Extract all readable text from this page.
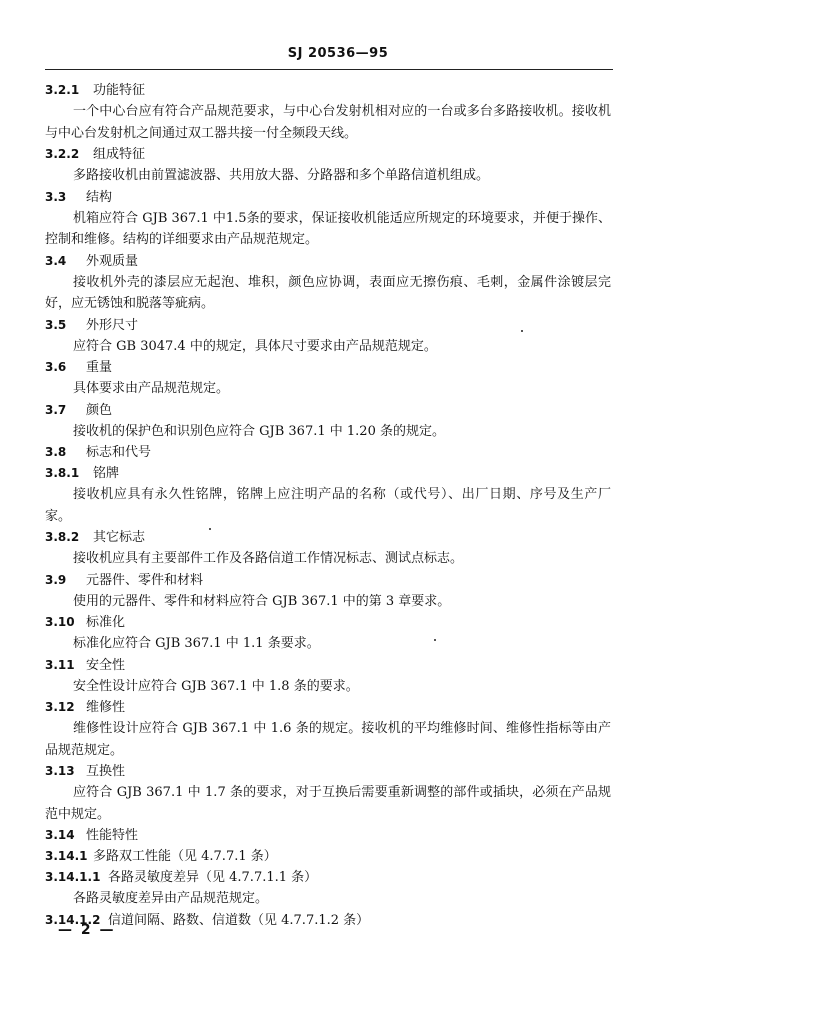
SJ 20536—95
3.2.1 功能特征

一个中心台应有符合产品规范要求，与中心台发射机相对应的一台或多台多路接收机。接收机与中心台发射机之间通过双工器共接一付全频段天线。

3.2.2 组成特征

多路接收机由前置滤波器、共用放大器、分路器和多个单路信道机组成。

3.3 结构

机箱应符合 GJB 367.1 中1.5条的要求，保证接收机能适应所规定的环境要求，并便于操作、控制和维修。结构的详细要求由产品规范规定。

3.4 外观质量

接收机外壳的漆层应无起泡、堆积，颜色应协调，表面应无擦伤痕、毛刺，金属件涂镀层完好，应无锈蚀和脱落等疵病。

3.5 外形尺寸

应符合 GB 3047.4 中的规定，具体尺寸要求由产品规范规定。

3.6 重量

具体要求由产品规范规定。

3.7 颜色

接收机的保护色和识别色应符合 GJB 367.1 中 1.20 条的规定。

3.8 标志和代号
3.8.1 铭牌

接收机应具有永久性铭牌，铭牌上应注明产品的名称（或代号）、出厂日期、序号及生产厂家。

3.8.2 其它标志

接收机应具有主要部件工作及各路信道工作情况标志、测试点标志。

3.9 元器件、零件和材料

使用的元器件、零件和材料应符合 GJB 367.1 中的第 3 章要求。

3.10 标准化

标准化应符合 GJB 367.1 中 1.1 条要求。

3.11 安全性

安全性设计应符合 GJB 367.1 中 1.8 条的要求。

3.12 维修性

维修性设计应符合 GJB 367.1 中 1.6 条的规定。接收机的平均维修时间、维修性指标等由产品规范规定。

3.13 互换性

应符合 GJB 367.1 中 1.7 条的要求，对于互换后需要重新调整的部件或插块，必须在产品规范中规定。

3.14 性能特性
3.14.1 多路双工性能（见 4.7.7.1 条）
3.14.1.1 各路灵敏度差异（见 4.7.7.1.1 条）

各路灵敏度差异由产品规范规定。

3.14.1.2 信道间隔、路数、信道数（见 4.7.7.1.2 条）
— 2 —
